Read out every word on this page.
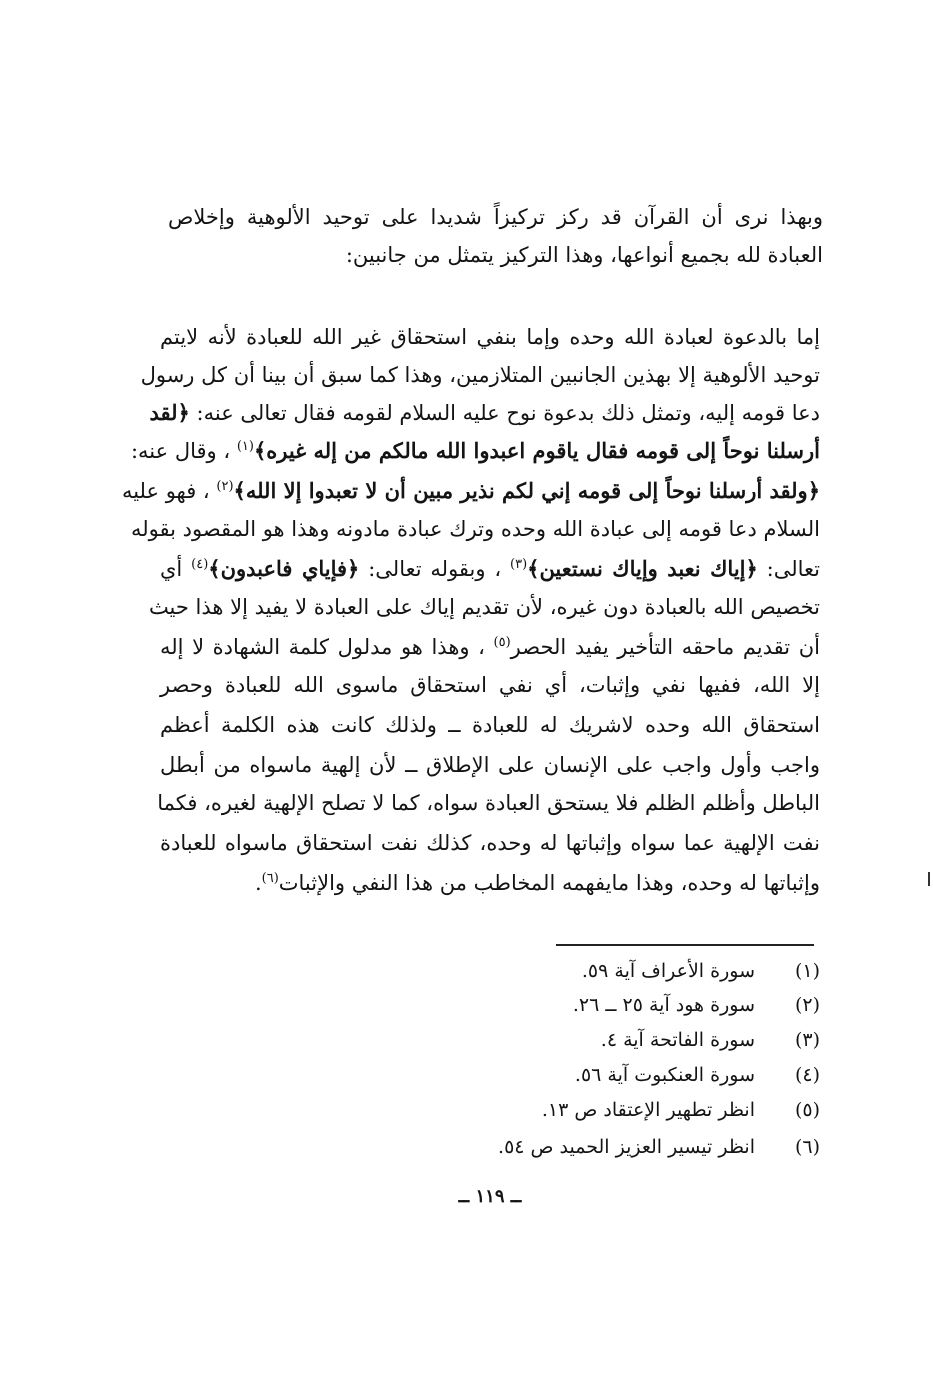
وبهذا نرى أن القرآن قد ركز تركيزاً شديدا على توحيد الألوهية وإخلاص
العبادة لله بجميع أنواعها، وهذا التركيز يتمثل من جانبين:
إما بالدعوة لعبادة الله وحده وإما بنفي استحقاق غير الله للعبادة لأنه لايتم
توحيد الألوهية إلا بهذين الجانبين المتلازمين، وهذا كما سبق أن بينا أن كل رسول
دعا قومه إليه، وتمثل ذلك بدعوة نوح عليه السلام لقومه فقال تعالى عنه: ﴿لقد
أرسلنا نوحاً إلى قومه فقال ياقوم اعبدوا الله مالكم من إله غيره﴾$^{(١)}$ ، وقال عنه:
﴿ولقد أرسلنا نوحاً إلى قومه إني لكم نذير مبين أن لا تعبدوا إلا الله﴾$^{(٢)}$ ، فهو عليه
السلام دعا قومه إلى عبادة الله وحده وترك عبادة مادونه وهذا هو المقصود بقوله
تعالى: ﴿إياك نعبد وإياك نستعين﴾$^{(٣)}$ ، وبقوله تعالى: ﴿فإياي فاعبدون﴾$^{(٤)}$ أي
تخصيص الله بالعبادة دون غيره، لأن تقديم إياك على العبادة لا يفيد إلا هذا حيث
أن تقديم ماحقه التأخير يفيد الحصر$^{(٥)}$ ، وهذا هو مدلول كلمة الشهادة لا إله
إلا الله، ففيها نفي وإثبات، أي نفي استحقاق ماسوى الله للعبادة وحصر
استحقاق الله وحده لاشريك له للعبادة ــ ولذلك كانت هذه الكلمة أعظم
واجب وأول واجب على الإنسان على الإطلاق ــ لأن إلهية ماسواه من أبطل
الباطل وأظلم الظلم فلا يستحق العبادة سواه، كما لا تصلح الإلهية لغيره، فكما
نفت الإلهية عما سواه وإثباتها له وحده، كذلك نفت استحقاق ماسواه للعبادة
وإثباتها له وحده، وهذا مايفهمه المخاطب من هذا النفي والإثبات$^{(٦)}$.
(١)
سورة الأعراف آية ٥٩.
(٢)
سورة هود آية ٢٥ ــ ٢٦.
(٣)
سورة الفاتحة آية ٤.
(٤)
سورة العنكبوت آية ٥٦.
(٥)
انظر تطهير الإعتقاد ص ١٣.
(٦)
انظر تيسير العزيز الحميد ص ٥٤.
ــ ١١٩ ــ
